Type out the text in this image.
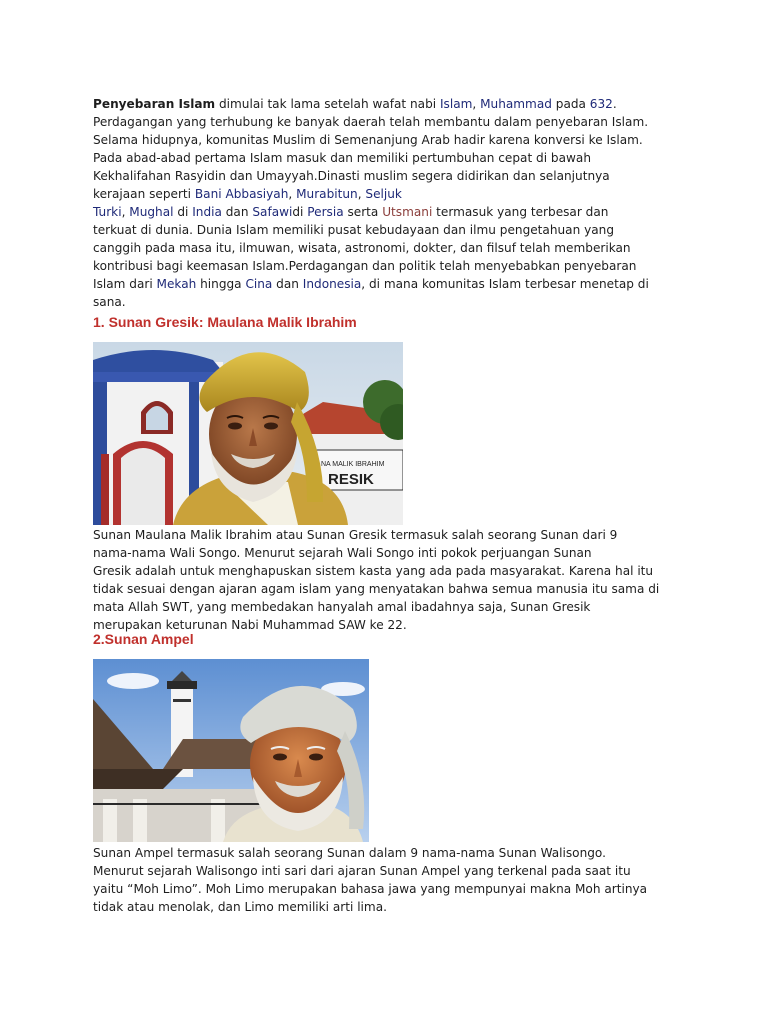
Penyebaran Islam dimulai tak lama setelah wafat nabi Islam, Muhammad pada 632.
Perdagangan yang terhubung ke banyak daerah telah membantu dalam penyebaran Islam.
Selama hidupnya, komunitas Muslim di Semenanjung Arab hadir karena konversi ke Islam.
Pada abad-abad pertama Islam masuk dan memiliki pertumbuhan cepat di bawah
Kekhalifahan Rasyidin dan Umayyah.Dinasti muslim segera didirikan dan selanjutnya
kerajaan seperti Bani Abbasiyah, Murabitun, Seljuk
Turki, Mughal di India dan Safawidi Persia serta Utsmani termasuk yang terbesar dan
terkuat di dunia. Dunia Islam memiliki pusat kebudayaan dan ilmu pengetahuan yang
canggih pada masa itu, ilmuwan, wisata, astronomi, dokter, dan filsuf telah memberikan
kontribusi bagi keemasan Islam.Perdagangan dan politik telah menyebabkan penyebaran
Islam dari Mekah hingga Cina dan Indonesia, di mana komunitas Islam terbesar menetap di
sana.
1. Sunan Gresik: Maulana Malik Ibrahim
NA MALIK IBRAHIM
RESIK
Sunan Maulana Malik Ibrahim atau Sunan Gresik termasuk salah seorang Sunan dari 9
nama-nama Wali Songo. Menurut sejarah Wali Songo inti pokok perjuangan Sunan
Gresik adalah untuk menghapuskan sistem kasta yang ada pada masyarakat. Karena hal itu
tidak sesuai dengan ajaran agam islam yang menyatakan bahwa semua manusia itu sama di
mata Allah SWT, yang membedakan hanyalah amal ibadahnya saja, Sunan Gresik
merupakan keturunan Nabi Muhammad SAW ke 22.
2.Sunan Ampel
Sunan Ampel termasuk salah seorang Sunan dalam 9 nama-nama Sunan Walisongo.
Menurut sejarah Walisongo inti sari dari ajaran Sunan Ampel yang terkenal pada saat itu
yaitu “Moh Limo”. Moh Limo merupakan bahasa jawa yang mempunyai makna Moh artinya
tidak atau menolak, dan Limo memiliki arti lima.
